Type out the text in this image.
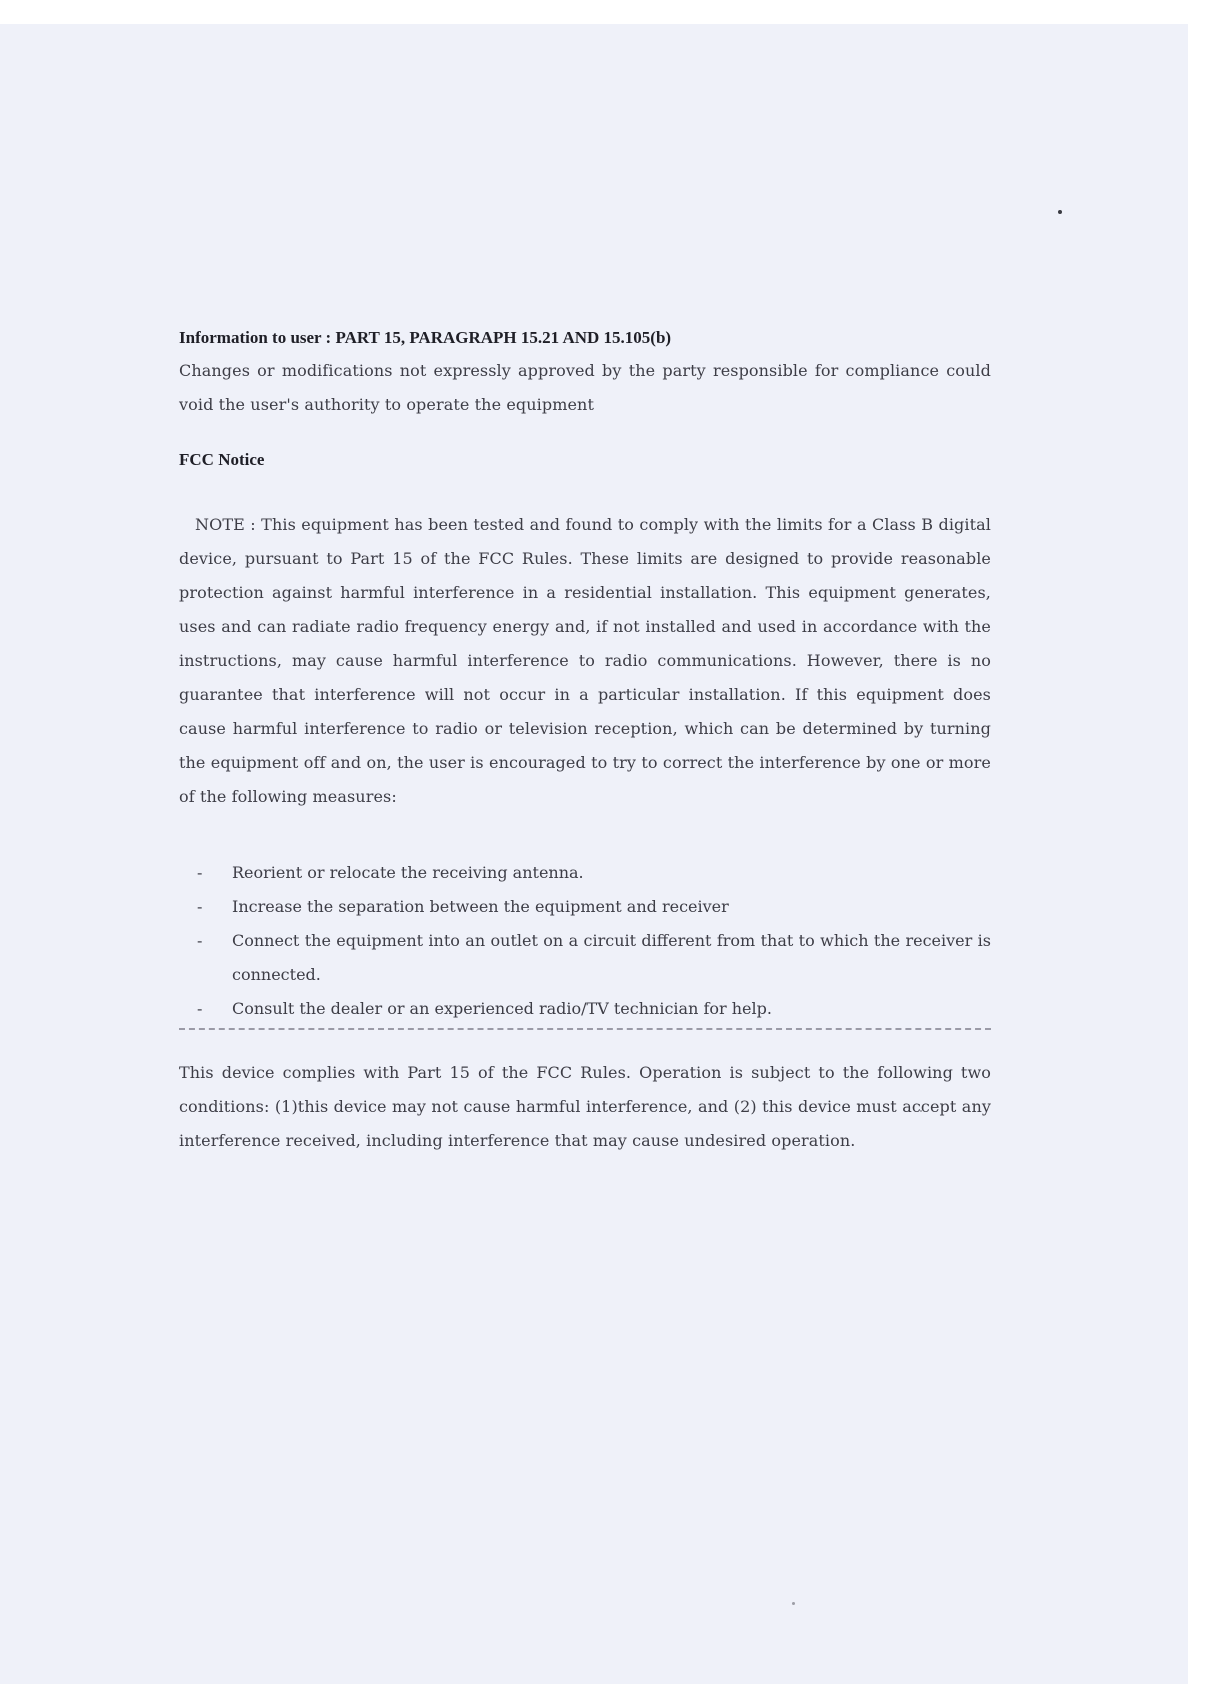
Information to user : PART 15, PARAGRAPH 15.21 AND 15.105(b)

Changes or modifications not expressly approved by the party responsible for compliance could void the user's authority to operate the equipment

FCC Notice

NOTE : This equipment has been tested and found to comply with the limits for a Class B digital device, pursuant to Part 15 of the FCC Rules. These limits are designed to provide reasonable protection against harmful interference in a residential installation. This equipment generates, uses and can radiate radio frequency energy and, if not installed and used in accordance with the instructions, may cause harmful interference to radio communications. However, there is no guarantee that interference will not occur in a particular installation. If this equipment does cause harmful interference to radio or television reception, which can be determined by turning the equipment off and on, the user is encouraged to try to correct the interference by one or more of the following measures:

- Reorient or relocate the receiving antenna.
- Increase the separation between the equipment and receiver
- Connect the equipment into an outlet on a circuit different from that to which the receiver is connected.
- Consult the dealer or an experienced radio/TV technician for help.

This device complies with Part 15 of the FCC Rules. Operation is subject to the following two conditions: (1)this device may not cause harmful interference, and (2) this device must accept any interference received, including interference that may cause undesired operation.
